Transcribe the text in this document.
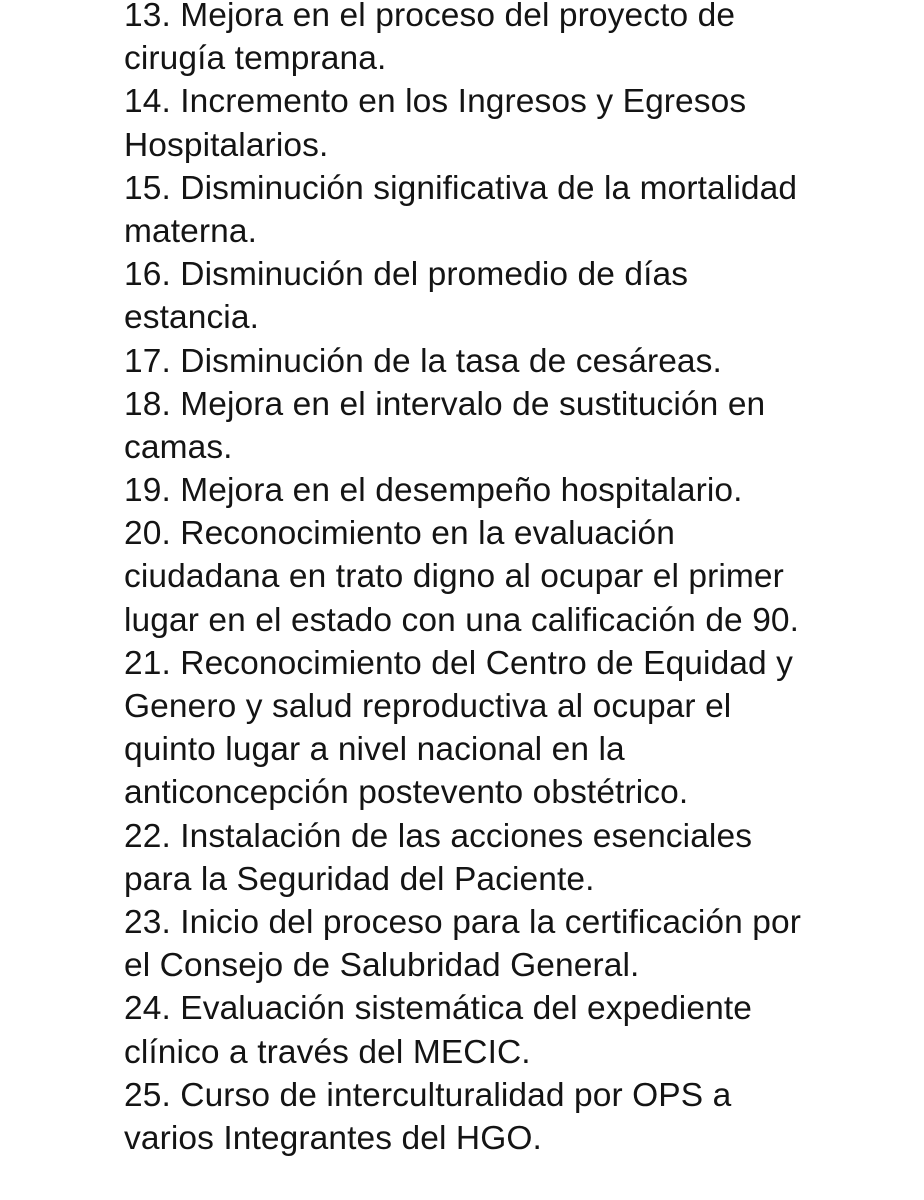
13. Mejora en el proceso del proyecto de
cirugía temprana.
14. Incremento en los Ingresos y Egresos
Hospitalarios.
15. Disminución significativa de la mortalidad
materna.
16. Disminución del promedio de días
estancia.
17. Disminución de la tasa de cesáreas.
18. Mejora en el intervalo de sustitución en
camas.
19. Mejora en el desempeño hospitalario.
20. Reconocimiento en la evaluación
ciudadana en trato digno al ocupar el primer
lugar en el estado con una calificación de 90.
21. Reconocimiento del Centro de Equidad y
Genero y salud reproductiva al ocupar el
quinto lugar a nivel nacional en la
anticoncepción postevento obstétrico.
22. Instalación de las acciones esenciales
para la Seguridad del Paciente.
23. Inicio del proceso para la certificación por
el Consejo de Salubridad General.
24. Evaluación sistemática del expediente
clínico a través del MECIC.
25. Curso de interculturalidad por OPS a
varios Integrantes del HGO.
